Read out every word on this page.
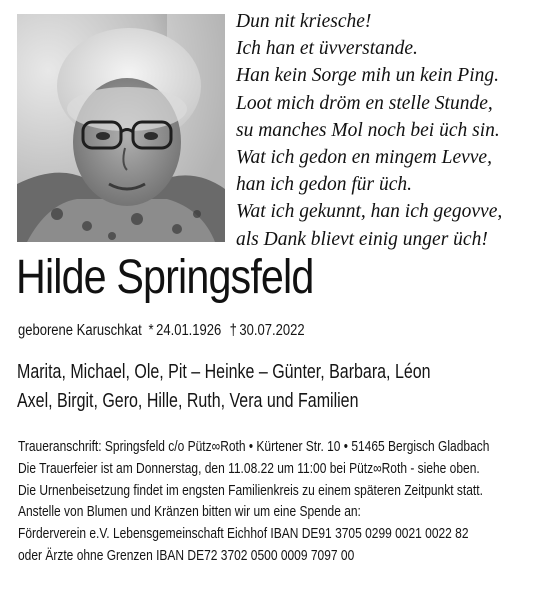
Dun nit kriesche!
Ich han et üvverstande.
Han kein Sorge mih un kein Ping.
Loot mich dröm en stelle Stunde,
su manches Mol noch bei üch sin.
Wat ich gedon en mingem Levve,
han ich gedon für üch.
Wat ich gekunnt, han ich gegovve,
als Dank blievt einig unger üch!
Hilde Springsfeld
geborene Karuschkat * 24.01.1926 † 30.07.2022
Marita, Michael, Ole, Pit – Heinke – Günter, Barbara, Léon
Axel, Birgit, Gero, Hille, Ruth, Vera und Familien
Traueranschrift: Springsfeld c/o Pütz∞Roth • Kürtener Str. 10 • 51465 Bergisch Gladbach
Die Trauerfeier ist am Donnerstag, den 11.08.22 um 11:00 bei Pütz∞Roth - siehe oben.
Die Urnenbeisetzung findet im engsten Familienkreis zu einem späteren Zeitpunkt statt.
Anstelle von Blumen und Kränzen bitten wir um eine Spende an:
Förderverein e.V. Lebensgemeinschaft Eichhof IBAN DE91 3705 0299 0021 0022 82
oder Ärzte ohne Grenzen IBAN DE72 3702 0500 0009 7097 00
